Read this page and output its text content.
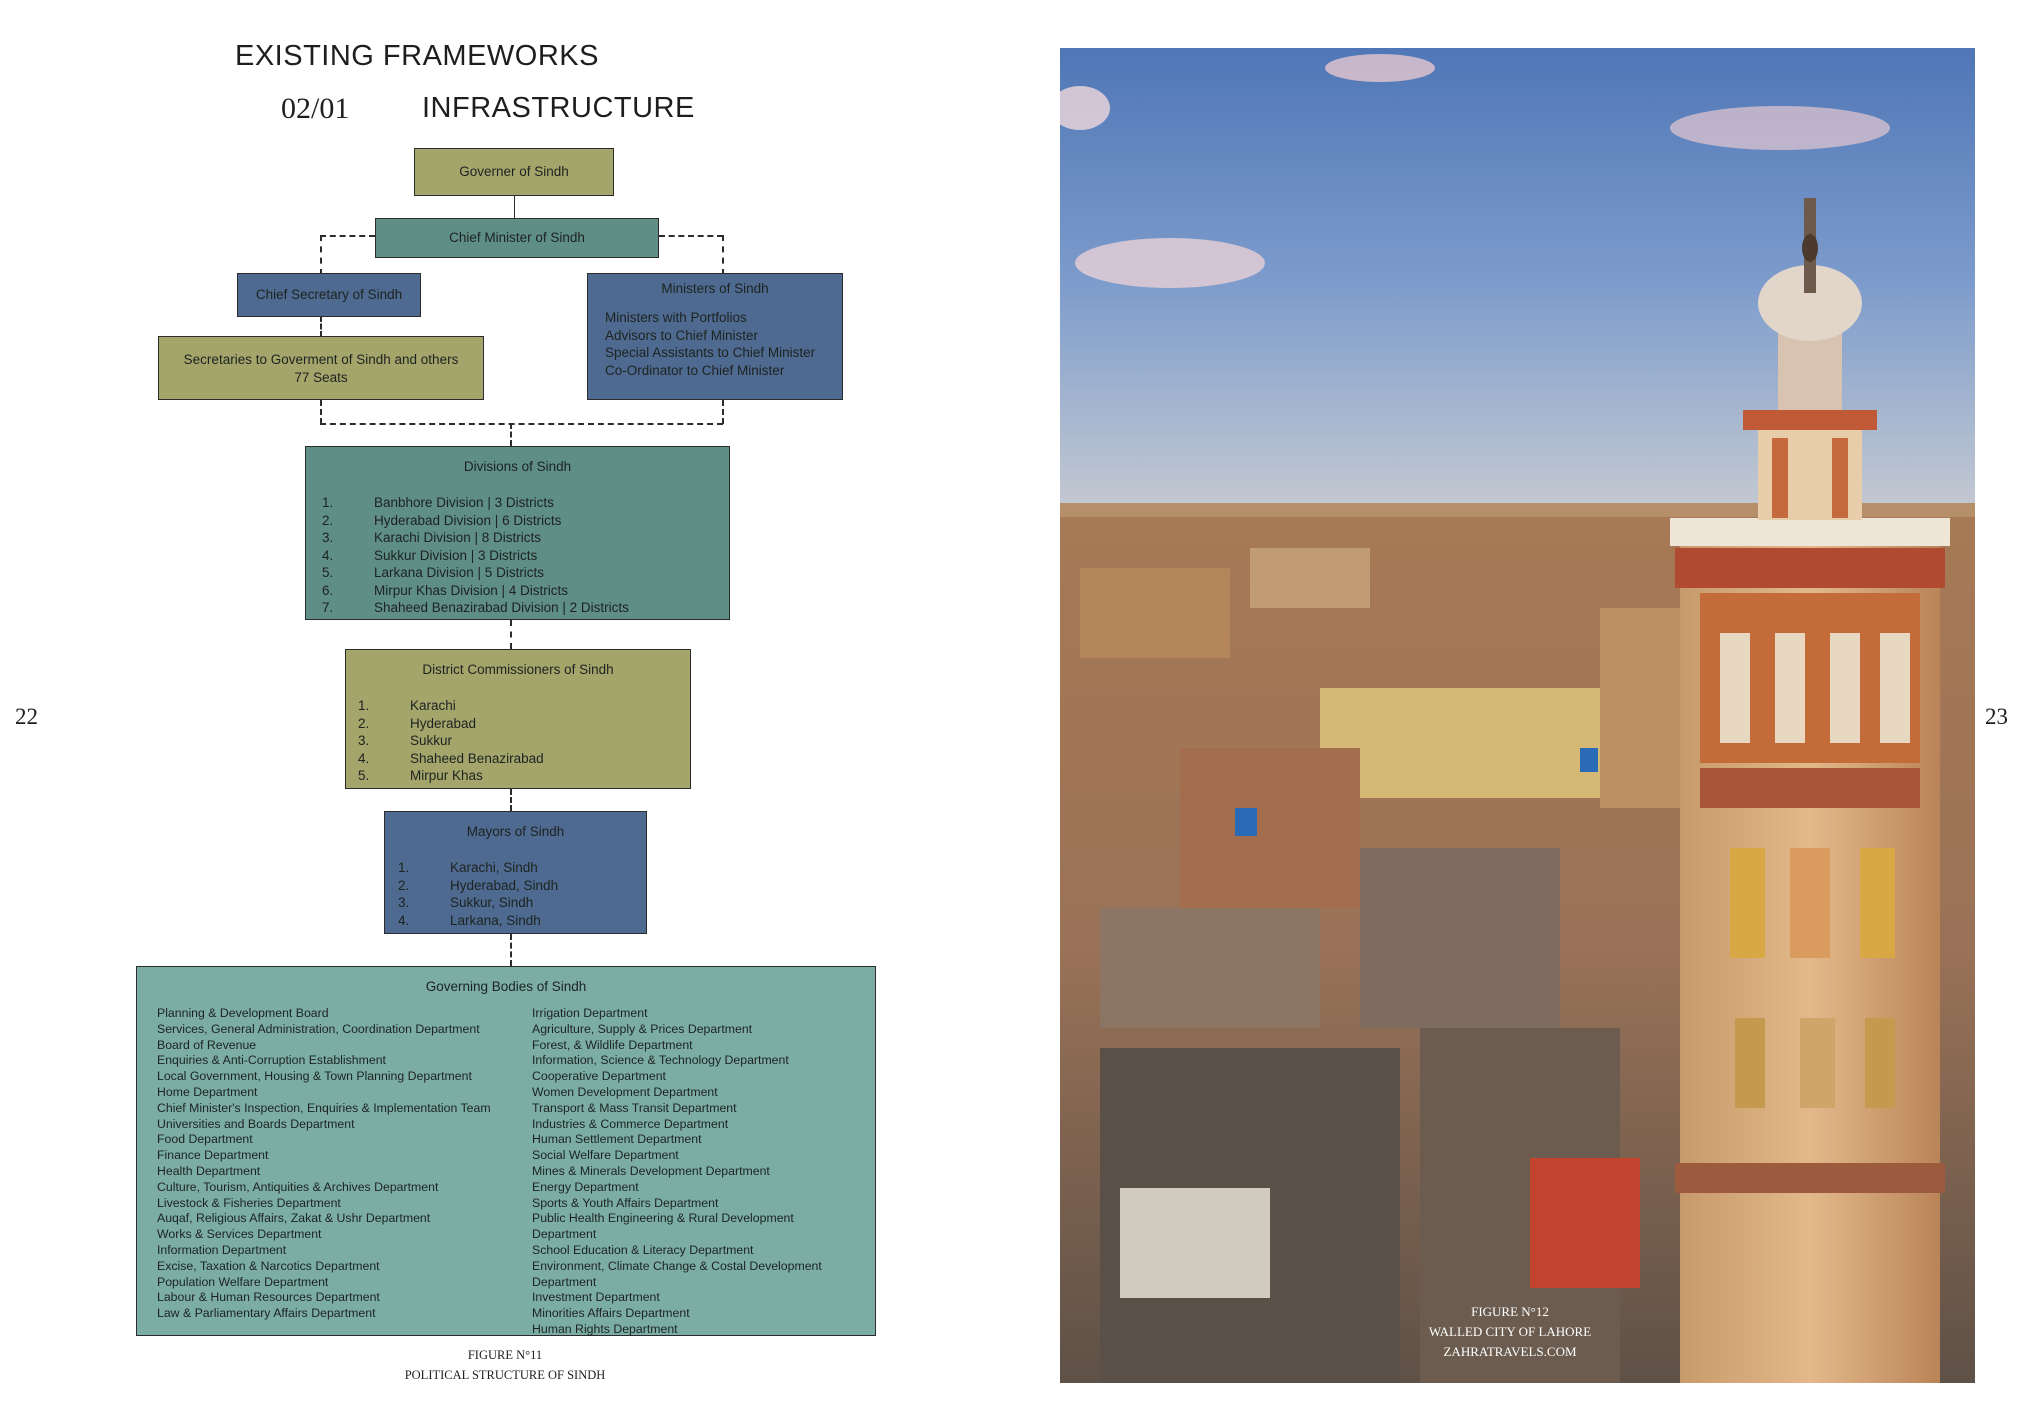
EXISTING FRAMEWORKS
02/01	INFRASTRUCTURE
22	23
Governer of Sindh
Chief Minister of Sindh
Chief Secretary of Sindh
Secretaries to Goverment of Sindh and others
77 Seats
Ministers of Sindh
Ministers with Portfolios
Advisors to Chief Minister
Special Assistants to Chief Minister
Co-Ordinator to Chief Minister
Divisions of Sindh
1.	Banbhore Division | 3 Districts
2.	Hyderabad Division | 6 Districts
3.	Karachi Division | 8 Districts
4.	Sukkur Division | 3 Districts
5.	Larkana Division | 5 Districts
6.	Mirpur Khas Division | 4 Districts
7.	Shaheed Benazirabad Division | 2 Districts
District Commissioners of Sindh
1.	Karachi
2.	Hyderabad
3.	Sukkur
4.	Shaheed Benazirabad
5.	Mirpur Khas
Mayors of Sindh
1.	Karachi, Sindh
2.	Hyderabad, Sindh
3.	Sukkur, Sindh
4.	Larkana, Sindh
Governing Bodies of Sindh
Planning & Development Board
Services, General Administration, Coordination Department
Board of Revenue
Enquiries & Anti-Corruption Establishment
Local Government, Housing & Town Planning Department
Home Department
Chief Minister's Inspection, Enquiries & Implementation Team
Universities and Boards Department
Food Department
Finance Department
Health Department
Culture, Tourism, Antiquities & Archives Department
Livestock & Fisheries Department
Auqaf, Religious Affairs, Zakat & Ushr Department
Works & Services Department
Information Department
Excise, Taxation & Narcotics Department
Population Welfare Department
Labour & Human Resources Department
Law & Parliamentary Affairs Department
Irrigation Department
Agriculture, Supply & Prices Department
Forest, & Wildlife Department
Information, Science & Technology Department
Cooperative Department
Women Development Department
Transport & Mass Transit Department
Industries & Commerce Department
Human Settlement Department
Social Welfare Department
Mines & Minerals Development Department
Energy Department
Sports & Youth Affairs Department
Public Health Engineering & Rural Development Department
School Education & Literacy Department
Environment, Climate Change & Costal Development
Department
Investment Department
Minorities Affairs Department
Human Rights Department
FIGURE N°11
POLITICAL STRUCTURE OF SINDH
FIGURE N°12
WALLED CITY OF LAHORE
ZAHRATRAVELS.COM
